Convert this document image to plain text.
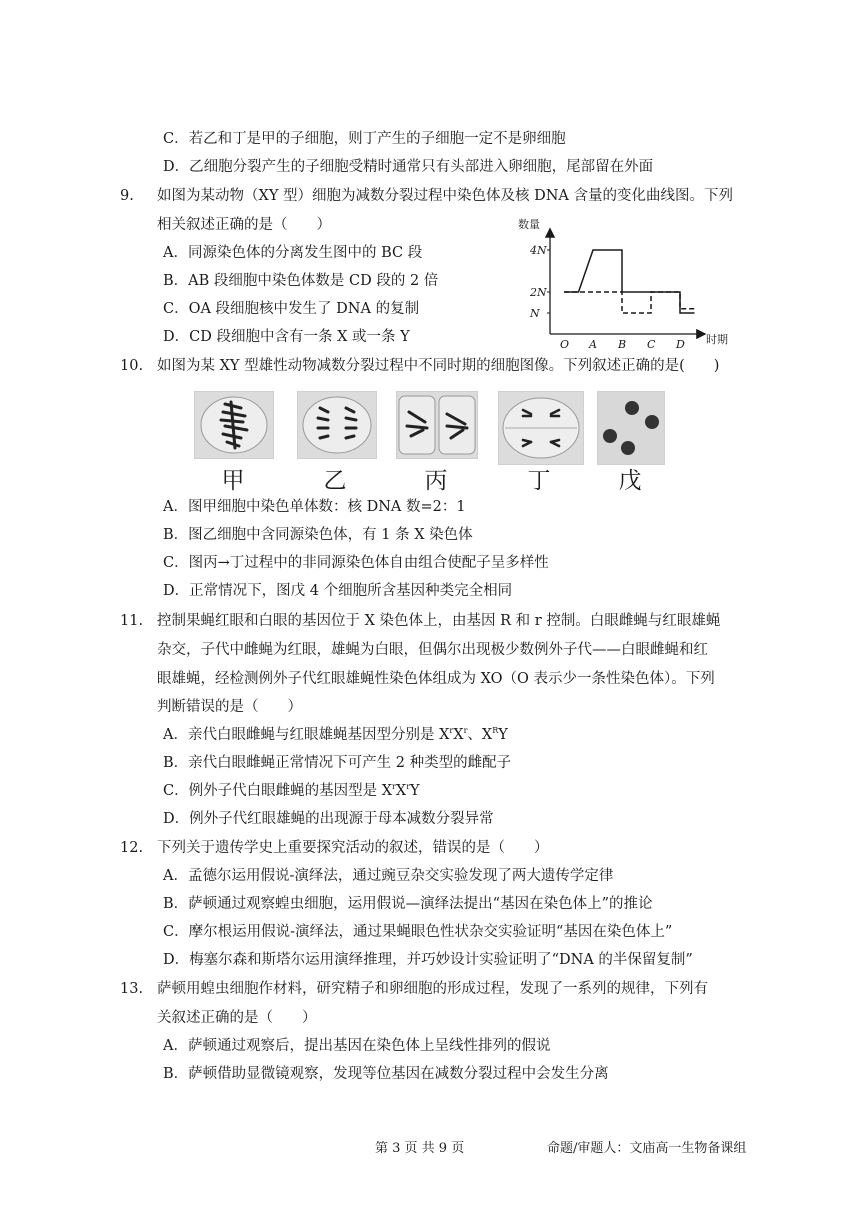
C．若乙和丁是甲的子细胞，则丁产生的子细胞一定不是卵细胞
D．乙细胞分裂产生的子细胞受精时通常只有头部进入卵细胞，尾部留在外面
9. 如图为某动物（XY 型）细胞为减数分裂过程中染色体及核 DNA 含量的变化曲线图。下列
相关叙述正确的是（　　）
A．同源染色体的分离发生图中的 BC 段
B．AB 段细胞中染色体数是 CD 段的 2 倍
C．OA 段细胞核中发生了 DNA 的复制
D．CD 段细胞中含有一条 X 或一条 Y
数量
时期
4N
2N
N
O A B C D
10. 如图为某 XY 型雄性动物减数分裂过程中不同时期的细胞图像。下列叙述正确的是(　　)
甲	乙	丙	丁	戊
A．图甲细胞中染色单体数：核 DNA 数=2：1
B．图乙细胞中含同源染色体，有 1 条 X 染色体
C．图丙→丁过程中的非同源染色体自由组合使配子呈多样性
D．正常情况下，图戊 4 个细胞所含基因种类完全相同
11. 控制果蝇红眼和白眼的基因位于 X 染色体上，由基因 R 和 r 控制。白眼雌蝇与红眼雄蝇
杂交，子代中雌蝇为红眼，雄蝇为白眼，但偶尔出现极少数例外子代——白眼雌蝇和红
眼雄蝇，经检测例外子代红眼雄蝇性染色体组成为 XO（O 表示少一条性染色体）。下列
判断错误的是（　　）
A．亲代白眼雌蝇与红眼雄蝇基因型分别是 $X^rX^r$、$X^RY$
B．亲代白眼雌蝇正常情况下可产生 2 种类型的雌配子
C．例外子代白眼雌蝇的基因型是 $X^rX^rY$
D．例外子代红眼雄蝇的出现源于母本减数分裂异常
12. 下列关于遗传学史上重要探究活动的叙述，错误的是（　　）
A．孟德尔运用假说-演绎法，通过豌豆杂交实验发现了两大遗传学定律
B．萨顿通过观察蝗虫细胞，运用假说—演绎法提出“基因在染色体上”的推论
C．摩尔根运用假说-演绎法，通过果蝇眼色性状杂交实验证明“基因在染色体上”
D．梅塞尔森和斯塔尔运用演绎推理，并巧妙设计实验证明了“DNA 的半保留复制”
13. 萨顿用蝗虫细胞作材料，研究精子和卵细胞的形成过程，发现了一系列的规律，下列有
关叙述正确的是（　　）
A．萨顿通过观察后，提出基因在染色体上呈线性排列的假说
B．萨顿借助显微镜观察，发现等位基因在减数分裂过程中会发生分离
第 3 页 共 9 页	命题/审题人：文庙高一生物备课组
